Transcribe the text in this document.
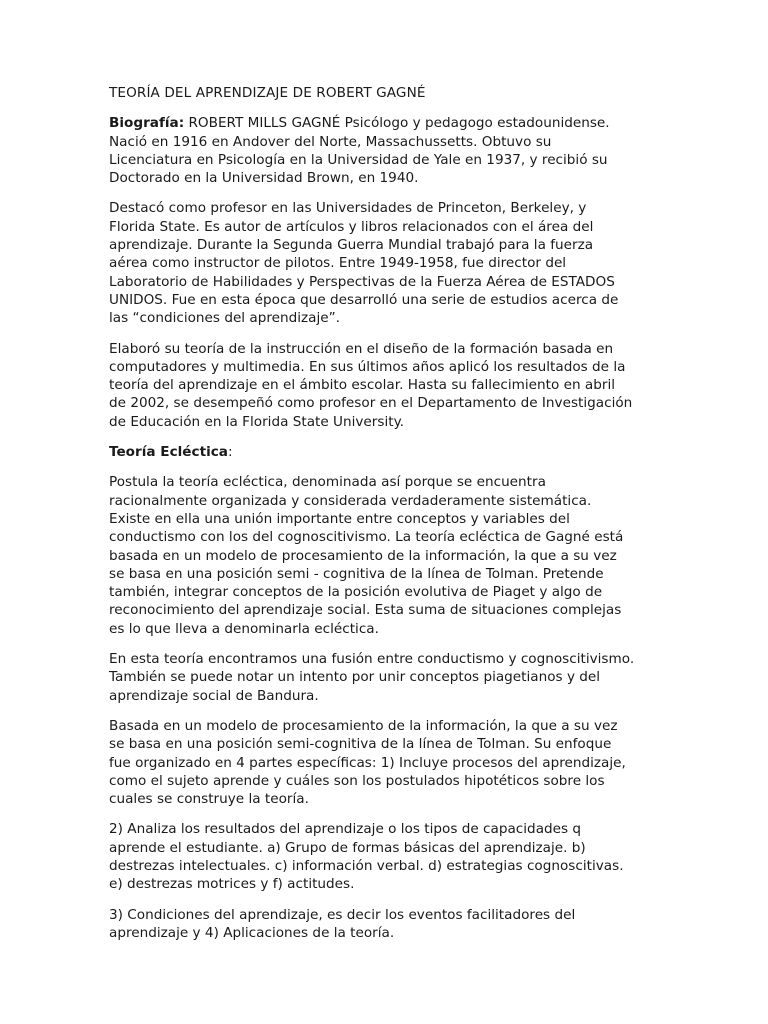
TEORÍA DEL APRENDIZAJE DE ROBERT GAGNÉ
Biografía: ROBERT MILLS GAGNÉ Psicólogo y pedagogo estadounidense.
Nació en 1916 en Andover del Norte, Massachussetts. Obtuvo su
Licenciatura en Psicología en la Universidad de Yale en 1937, y recibió su
Doctorado en la Universidad Brown, en 1940.
Destacó como profesor en las Universidades de Princeton, Berkeley, y
Florida State. Es autor de artículos y libros relacionados con el área del
aprendizaje. Durante la Segunda Guerra Mundial trabajó para la fuerza
aérea como instructor de pilotos. Entre 1949-1958, fue director del
Laboratorio de Habilidades y Perspectivas de la Fuerza Aérea de ESTADOS
UNIDOS. Fue en esta época que desarrolló una serie de estudios acerca de
las “condiciones del aprendizaje”.
Elaboró su teoría de la instrucción en el diseño de la formación basada en
computadores y multimedia. En sus últimos años aplicó los resultados de la
teoría del aprendizaje en el ámbito escolar. Hasta su fallecimiento en abril
de 2002, se desempeñó como profesor en el Departamento de Investigación
de Educación en la Florida State University.
Teoría Ecléctica:
Postula la teoría ecléctica, denominada así porque se encuentra
racionalmente organizada y considerada verdaderamente sistemática.
Existe en ella una unión importante entre conceptos y variables del
conductismo con los del cognoscitivismo. La teoría ecléctica de Gagné está
basada en un modelo de procesamiento de la información, la que a su vez
se basa en una posición semi - cognitiva de la línea de Tolman. Pretende
también, integrar conceptos de la posición evolutiva de Piaget y algo de
reconocimiento del aprendizaje social. Esta suma de situaciones complejas
es lo que lleva a denominarla ecléctica.
En esta teoría encontramos una fusión entre conductismo y cognoscitivismo.
También se puede notar un intento por unir conceptos piagetianos y del
aprendizaje social de Bandura.
Basada en un modelo de procesamiento de la información, la que a su vez
se basa en una posición semi-cognitiva de la línea de Tolman. Su enfoque
fue organizado en 4 partes específicas: 1) Incluye procesos del aprendizaje,
como el sujeto aprende y cuáles son los postulados hipotéticos sobre los
cuales se construye la teoría.
2) Analiza los resultados del aprendizaje o los tipos de capacidades q
aprende el estudiante. a) Grupo de formas básicas del aprendizaje. b)
destrezas intelectuales. c) información verbal. d) estrategias cognoscitivas.
e) destrezas motrices y f) actitudes.
3) Condiciones del aprendizaje, es decir los eventos facilitadores del
aprendizaje y 4) Aplicaciones de la teoría.
